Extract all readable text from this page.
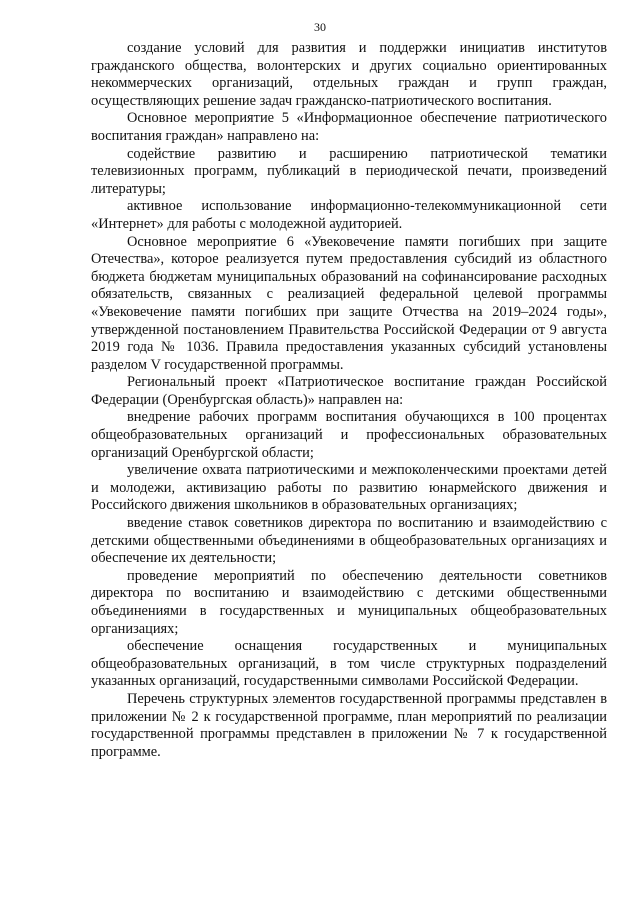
30

создание условий для развития и поддержки инициатив институтов гражданского общества, волонтерских и других социально ориентированных некоммерческих организаций, отдельных граждан и групп граждан, осуществляющих решение задач гражданско-патриотического воспитания.

Основное мероприятие 5 «Информационное обеспечение патриотического воспитания граждан» направлено на:

содействие развитию и расширению патриотической тематики телевизионных программ, публикаций в периодической печати, произведений литературы;

активное использование информационно-телекоммуникационной сети «Интернет» для работы с молодежной аудиторией.

Основное мероприятие 6 «Увековечение памяти погибших при защите Отечества», которое реализуется путем предоставления субсидий из областного бюджета бюджетам муниципальных образований на софинансирование расходных обязательств, связанных с реализацией федеральной целевой программы «Увековечение памяти погибших при защите Отчества на 2019–2024 годы», утвержденной постановлением Правительства Российской Федерации от 9 августа 2019 года № 1036. Правила предоставления указанных субсидий установлены разделом V государственной программы.

Региональный проект «Патриотическое воспитание граждан Российской Федерации (Оренбургская область)» направлен на:

внедрение рабочих программ воспитания обучающихся в 100 процентах общеобразовательных организаций и профессиональных образовательных организаций Оренбургской области;

увеличение охвата патриотическими и межпоколенческими проектами детей и молодежи, активизацию работы по развитию юнармейского движения и Российского движения школьников в образовательных организациях;

введение ставок советников директора по воспитанию и взаимодействию с детскими общественными объединениями в общеобразовательных организациях и обеспечение их деятельности;

проведение мероприятий по обеспечению деятельности советников директора по воспитанию и взаимодействию с детскими общественными объединениями в государственных и муниципальных общеобразовательных организациях;

обеспечение оснащения государственных и муниципальных общеобразовательных организаций, в том числе структурных подразделений указанных организаций, государственными символами Российской Федерации.

Перечень структурных элементов государственной программы представлен в приложении № 2 к государственной программе, план мероприятий по реализации государственной программы представлен в приложении № 7 к государственной программе.
